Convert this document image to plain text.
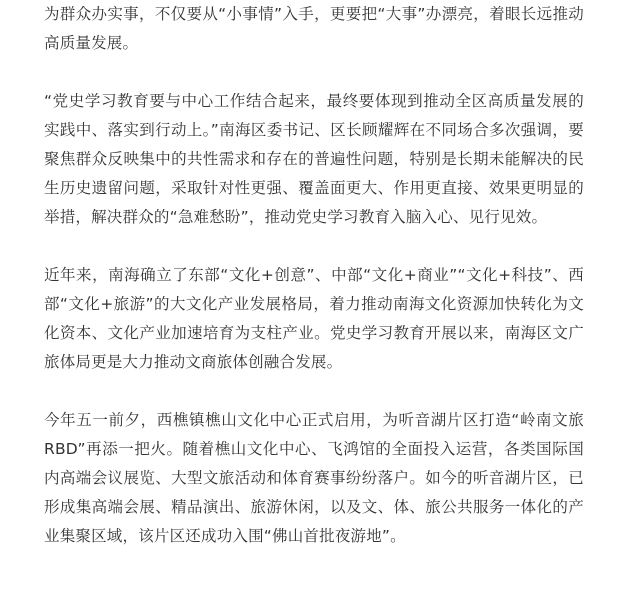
为群众办实事，不仅要从“小事情”入手，更要把“大事”办漂亮，着眼长远推动高质量发展。

“党史学习教育要与中心工作结合起来，最终要体现到推动全区高质量发展的实践中、落实到行动上。”南海区委书记、区长顾耀辉在不同场合多次强调，要聚焦群众反映集中的共性需求和存在的普遍性问题，特别是长期未能解决的民生历史遗留问题，采取针对性更强、覆盖面更大、作用更直接、效果更明显的举措，解决群众的“急难愁盼”，推动党史学习教育入脑入心、见行见效。

近年来，南海确立了东部“文化+创意”、中部“文化+商业”“文化+科技”、西部“文化+旅游”的大文化产业发展格局，着力推动南海文化资源加快转化为文化资本、文化产业加速培育为支柱产业。党史学习教育开展以来，南海区文广旅体局更是大力推动文商旅体创融合发展。

今年五一前夕，西樵镇樵山文化中心正式启用，为听音湖片区打造“岭南文旅RBD”再添一把火。随着樵山文化中心、飞鸿馆的全面投入运营，各类国际国内高端会议展览、大型文旅活动和体育赛事纷纷落户。如今的听音湖片区，已形成集高端会展、精品演出、旅游休闲，以及文、体、旅公共服务一体化的产业集聚区域，该片区还成功入围“佛山首批夜游地”。
